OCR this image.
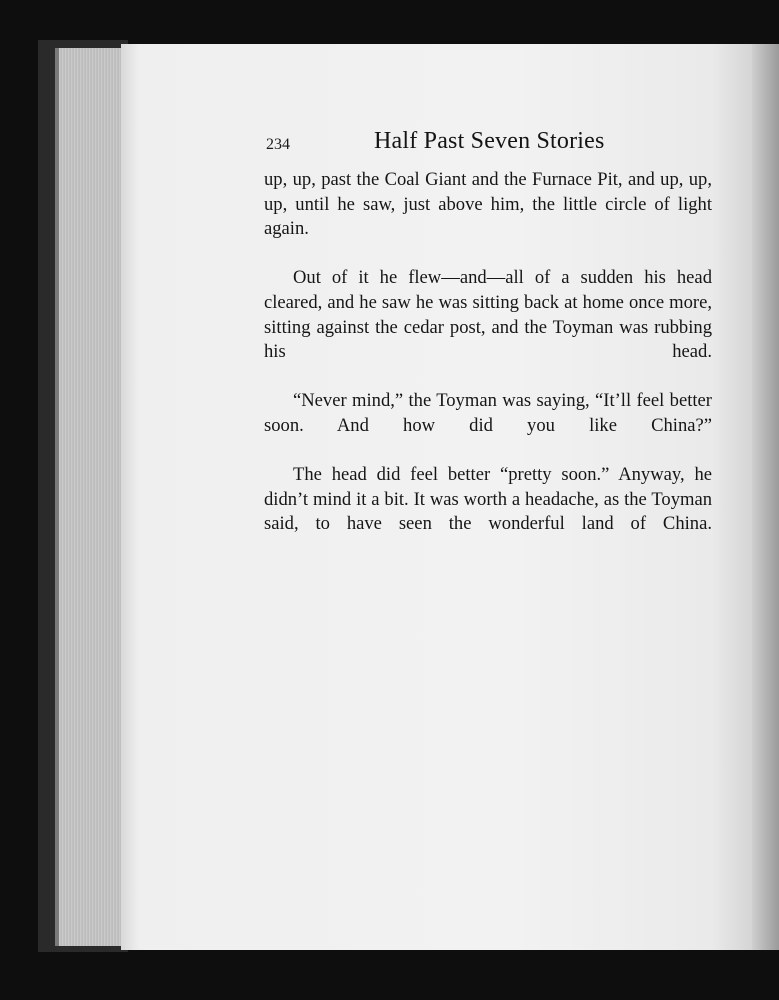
234	Half Past Seven Stories

up, up, past the Coal Giant and the Furnace Pit, and up, up, up, until he saw, just above him, the little circle of light again.

Out of it he flew—and—all of a sudden his head cleared, and he saw he was sitting back at home once more, sitting against the cedar post, and the Toyman was rubbing his head.

“Never mind,” the Toyman was saying, “It’ll feel better soon. And how did you like China?”

The head did feel better “pretty soon.” Anyway, he didn’t mind it a bit. It was worth a headache, as the Toyman said, to have seen the wonderful land of China.
